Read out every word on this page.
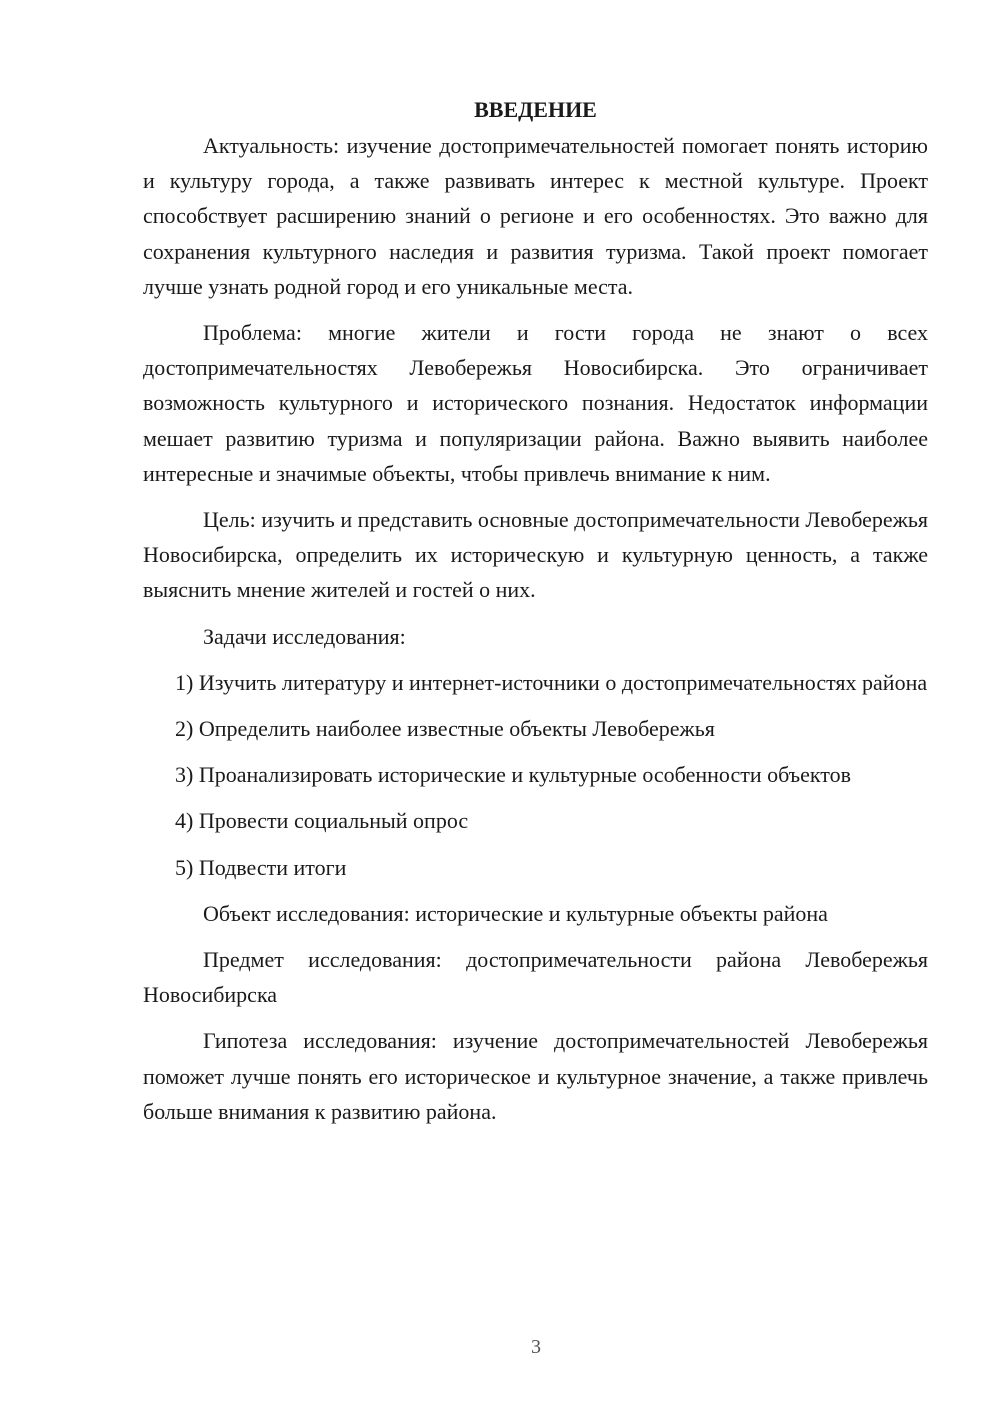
ВВЕДЕНИЕ

Актуальность: изучение достопримечательностей помогает понять историю и культуру города, а также развивать интерес к местной культуре. Проект способствует расширению знаний о регионе и его особенностях. Это важно для сохранения культурного наследия и развития туризма. Такой проект помогает лучше узнать родной город и его уникальные места.

Проблема: многие жители и гости города не знают о всех достопримечательностях Левобережья Новосибирска. Это ограничивает возможность культурного и исторического познания. Недостаток информации мешает развитию туризма и популяризации района. Важно выявить наиболее интересные и значимые объекты, чтобы привлечь внимание к ним.

Цель: изучить и представить основные достопримечательности Левобережья Новосибирска, определить их историческую и культурную ценность, а также выяснить мнение жителей и гостей о них.

Задачи исследования:

1) Изучить литературу и интернет-источники о достопримечательностях района

2) Определить наиболее известные объекты Левобережья

3) Проанализировать исторические и культурные особенности объектов

4) Провести социальный опрос

5) Подвести итоги

Объект исследования: исторические и культурные объекты района

Предмет исследования: достопримечательности района Левобережья Новосибирска

Гипотеза исследования: изучение достопримечательностей Левобережья поможет лучше понять его историческое и культурное значение, а также привлечь больше внимания к развитию района.

3
